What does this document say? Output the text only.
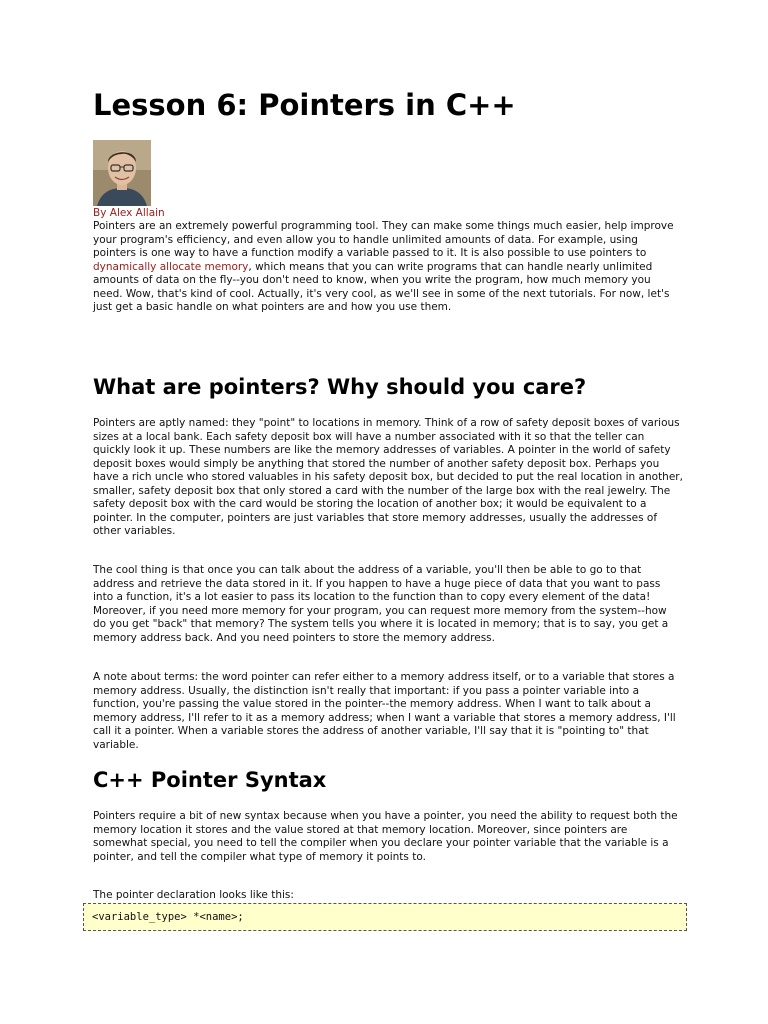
Lesson 6: Pointers in C++

By Alex Allain

Pointers are an extremely powerful programming tool. They can make some things much easier, help improve your program's efficiency, and even allow you to handle unlimited amounts of data. For example, using pointers is one way to have a function modify a variable passed to it. It is also possible to use pointers to dynamically allocate memory, which means that you can write programs that can handle nearly unlimited amounts of data on the fly--you don't need to know, when you write the program, how much memory you need. Wow, that's kind of cool. Actually, it's very cool, as we'll see in some of the next tutorials. For now, let's just get a basic handle on what pointers are and how you use them.

What are pointers? Why should you care?

Pointers are aptly named: they "point" to locations in memory. Think of a row of safety deposit boxes of various sizes at a local bank. Each safety deposit box will have a number associated with it so that the teller can quickly look it up. These numbers are like the memory addresses of variables. A pointer in the world of safety deposit boxes would simply be anything that stored the number of another safety deposit box. Perhaps you have a rich uncle who stored valuables in his safety deposit box, but decided to put the real location in another, smaller, safety deposit box that only stored a card with the number of the large box with the real jewelry. The safety deposit box with the card would be storing the location of another box; it would be equivalent to a pointer. In the computer, pointers are just variables that store memory addresses, usually the addresses of other variables.

The cool thing is that once you can talk about the address of a variable, you'll then be able to go to that address and retrieve the data stored in it. If you happen to have a huge piece of data that you want to pass into a function, it's a lot easier to pass its location to the function than to copy every element of the data! Moreover, if you need more memory for your program, you can request more memory from the system--how do you get "back" that memory? The system tells you where it is located in memory; that is to say, you get a memory address back. And you need pointers to store the memory address.

A note about terms: the word pointer can refer either to a memory address itself, or to a variable that stores a memory address. Usually, the distinction isn't really that important: if you pass a pointer variable into a function, you're passing the value stored in the pointer--the memory address. When I want to talk about a memory address, I'll refer to it as a memory address; when I want a variable that stores a memory address, I'll call it a pointer. When a variable stores the address of another variable, I'll say that it is "pointing to" that variable.

C++ Pointer Syntax

Pointers require a bit of new syntax because when you have a pointer, you need the ability to request both the memory location it stores and the value stored at that memory location. Moreover, since pointers are somewhat special, you need to tell the compiler when you declare your pointer variable that the variable is a pointer, and tell the compiler what type of memory it points to.

The pointer declaration looks like this:

<variable_type> *<name>;
